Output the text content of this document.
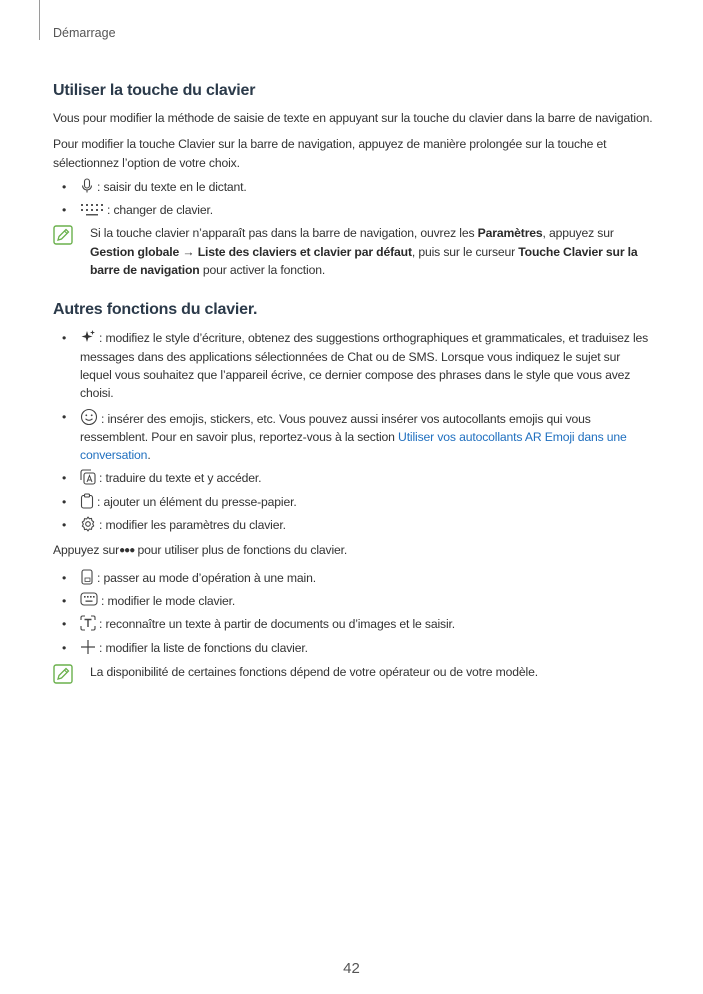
Démarrage
Utiliser la touche du clavier

Vous pour modifier la méthode de saisie de texte en appuyant sur la touche du clavier dans la barre de navigation.

Pour modifier la touche Clavier sur la barre de navigation, appuyez de manière prolongée sur la touche et sélectionnez l’option de votre choix.

•	: saisir du texte en le dictant.
•	: changer de clavier.
Si la touche clavier n’apparaît pas dans la barre de navigation, ouvrez les Paramètres, appuyez sur Gestion globale → Liste des claviers et clavier par défaut, puis sur le curseur Touche Clavier sur la barre de navigation pour activer la fonction.
Autres fonctions du clavier.
•	: modifiez le style d’écriture, obtenez des suggestions orthographiques et grammaticales, et traduisez les messages dans des applications sélectionnées de Chat ou de SMS. Lorsque vous indiquez le sujet sur lequel vous souhaitez que l’appareil écrive, ce dernier compose des phrases dans le style que vous avez choisi.
•	: insérer des emojis, stickers, etc. Vous pouvez aussi insérer vos autocollants emojis qui vous ressemblent. Pour en savoir plus, reportez-vous à la section Utiliser vos autocollants AR Emoji dans une conversation.
•	: traduire du texte et y accéder.
•	: ajouter un élément du presse-papier.
•	: modifier les paramètres du clavier.

Appuyez sur●●● pour utiliser plus de fonctions du clavier.

•	: passer au mode d’opération à une main.
•	: modifier le mode clavier.
•	: reconnaître un texte à partir de documents ou d’images et le saisir.
•	: modifier la liste de fonctions du clavier.
La disponibilité de certaines fonctions dépend de votre opérateur ou de votre modèle.
42
